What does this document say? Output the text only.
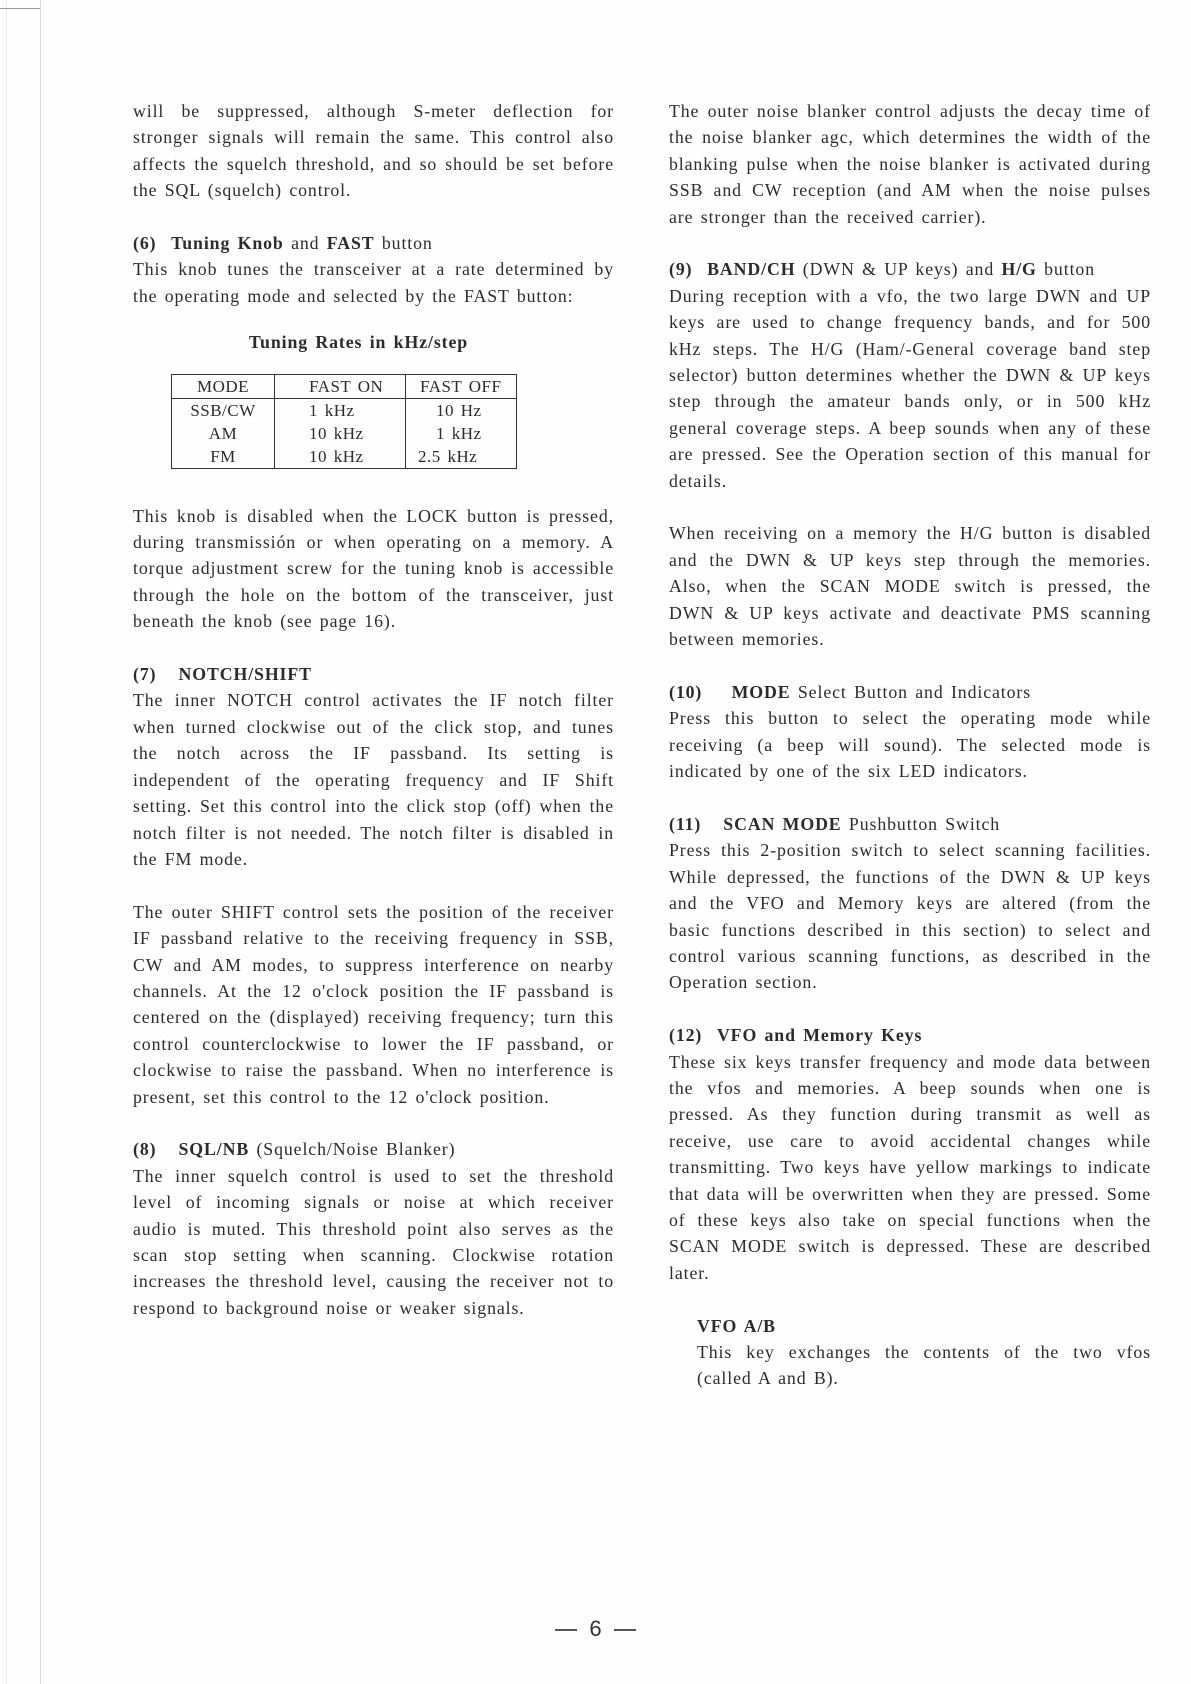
will be suppressed, although S-meter deflection for stronger signals will remain the same. This control also affects the squelch threshold, and so should be set before the SQL (squelch) control.

(6) Tuning Knob and FAST button

This knob tunes the transceiver at a rate determined by the operating mode and selected by the FAST button:

Tuning Rates in kHz/step

MODE	FAST ON	FAST OFF
SSB/CW	1 kHz	10 Hz
AM	10 kHz	1 kHz
FM	10 kHz	2.5 kHz

This knob is disabled when the LOCK button is pressed, during transmissión or when operating on a memory. A torque adjustment screw for the tuning knob is accessible through the hole on the bottom of the transceiver, just beneath the knob (see page 16).

(7) NOTCH/SHIFT

The inner NOTCH control activates the IF notch filter when turned clockwise out of the click stop, and tunes the notch across the IF passband. Its setting is independent of the operating frequency and IF Shift setting. Set this control into the click stop (off) when the notch filter is not needed. The notch filter is disabled in the FM mode.

The outer SHIFT control sets the position of the receiver IF passband relative to the receiving frequency in SSB, CW and AM modes, to suppress interference on nearby channels. At the 12 o'clock position the IF passband is centered on the (displayed) receiving frequency; turn this control counterclockwise to lower the IF passband, or clockwise to raise the passband. When no interference is present, set this control to the 12 o'clock position.

(8) SQL/NB (Squelch/Noise Blanker)

The inner squelch control is used to set the threshold level of incoming signals or noise at which receiver audio is muted. This threshold point also serves as the scan stop setting when scanning. Clockwise rotation increases the threshold level, causing the receiver not to respond to background noise or weaker signals.

The outer noise blanker control adjusts the decay time of the noise blanker agc, which determines the width of the blanking pulse when the noise blanker is activated during SSB and CW reception (and AM when the noise pulses are stronger than the received carrier).

(9) BAND/CH (DWN & UP keys) and H/G button

During reception with a vfo, the two large DWN and UP keys are used to change frequency bands, and for 500 kHz steps. The H/G (Ham/-General coverage band step selector) button determines whether the DWN & UP keys step through the amateur bands only, or in 500 kHz general coverage steps. A beep sounds when any of these are pressed. See the Operation section of this manual for details.

When receiving on a memory the H/G button is disabled and the DWN & UP keys step through the memories. Also, when the SCAN MODE switch is pressed, the DWN & UP keys activate and deactivate PMS scanning between memories.

(10) MODE Select Button and Indicators

Press this button to select the operating mode while receiving (a beep will sound). The selected mode is indicated by one of the six LED indicators.

(11) SCAN MODE Pushbutton Switch

Press this 2-position switch to select scanning facilities. While depressed, the functions of the DWN & UP keys and the VFO and Memory keys are altered (from the basic functions described in this section) to select and control various scanning functions, as described in the Operation section.

(12) VFO and Memory Keys

These six keys transfer frequency and mode data between the vfos and memories. A beep sounds when one is pressed. As they function during transmit as well as receive, use care to avoid accidental changes while transmitting. Two keys have yellow markings to indicate that data will be overwritten when they are pressed. Some of these keys also take on special functions when the SCAN MODE switch is depressed. These are described later.

VFO A/B

This key exchanges the contents of the two vfos (called A and B).

6
